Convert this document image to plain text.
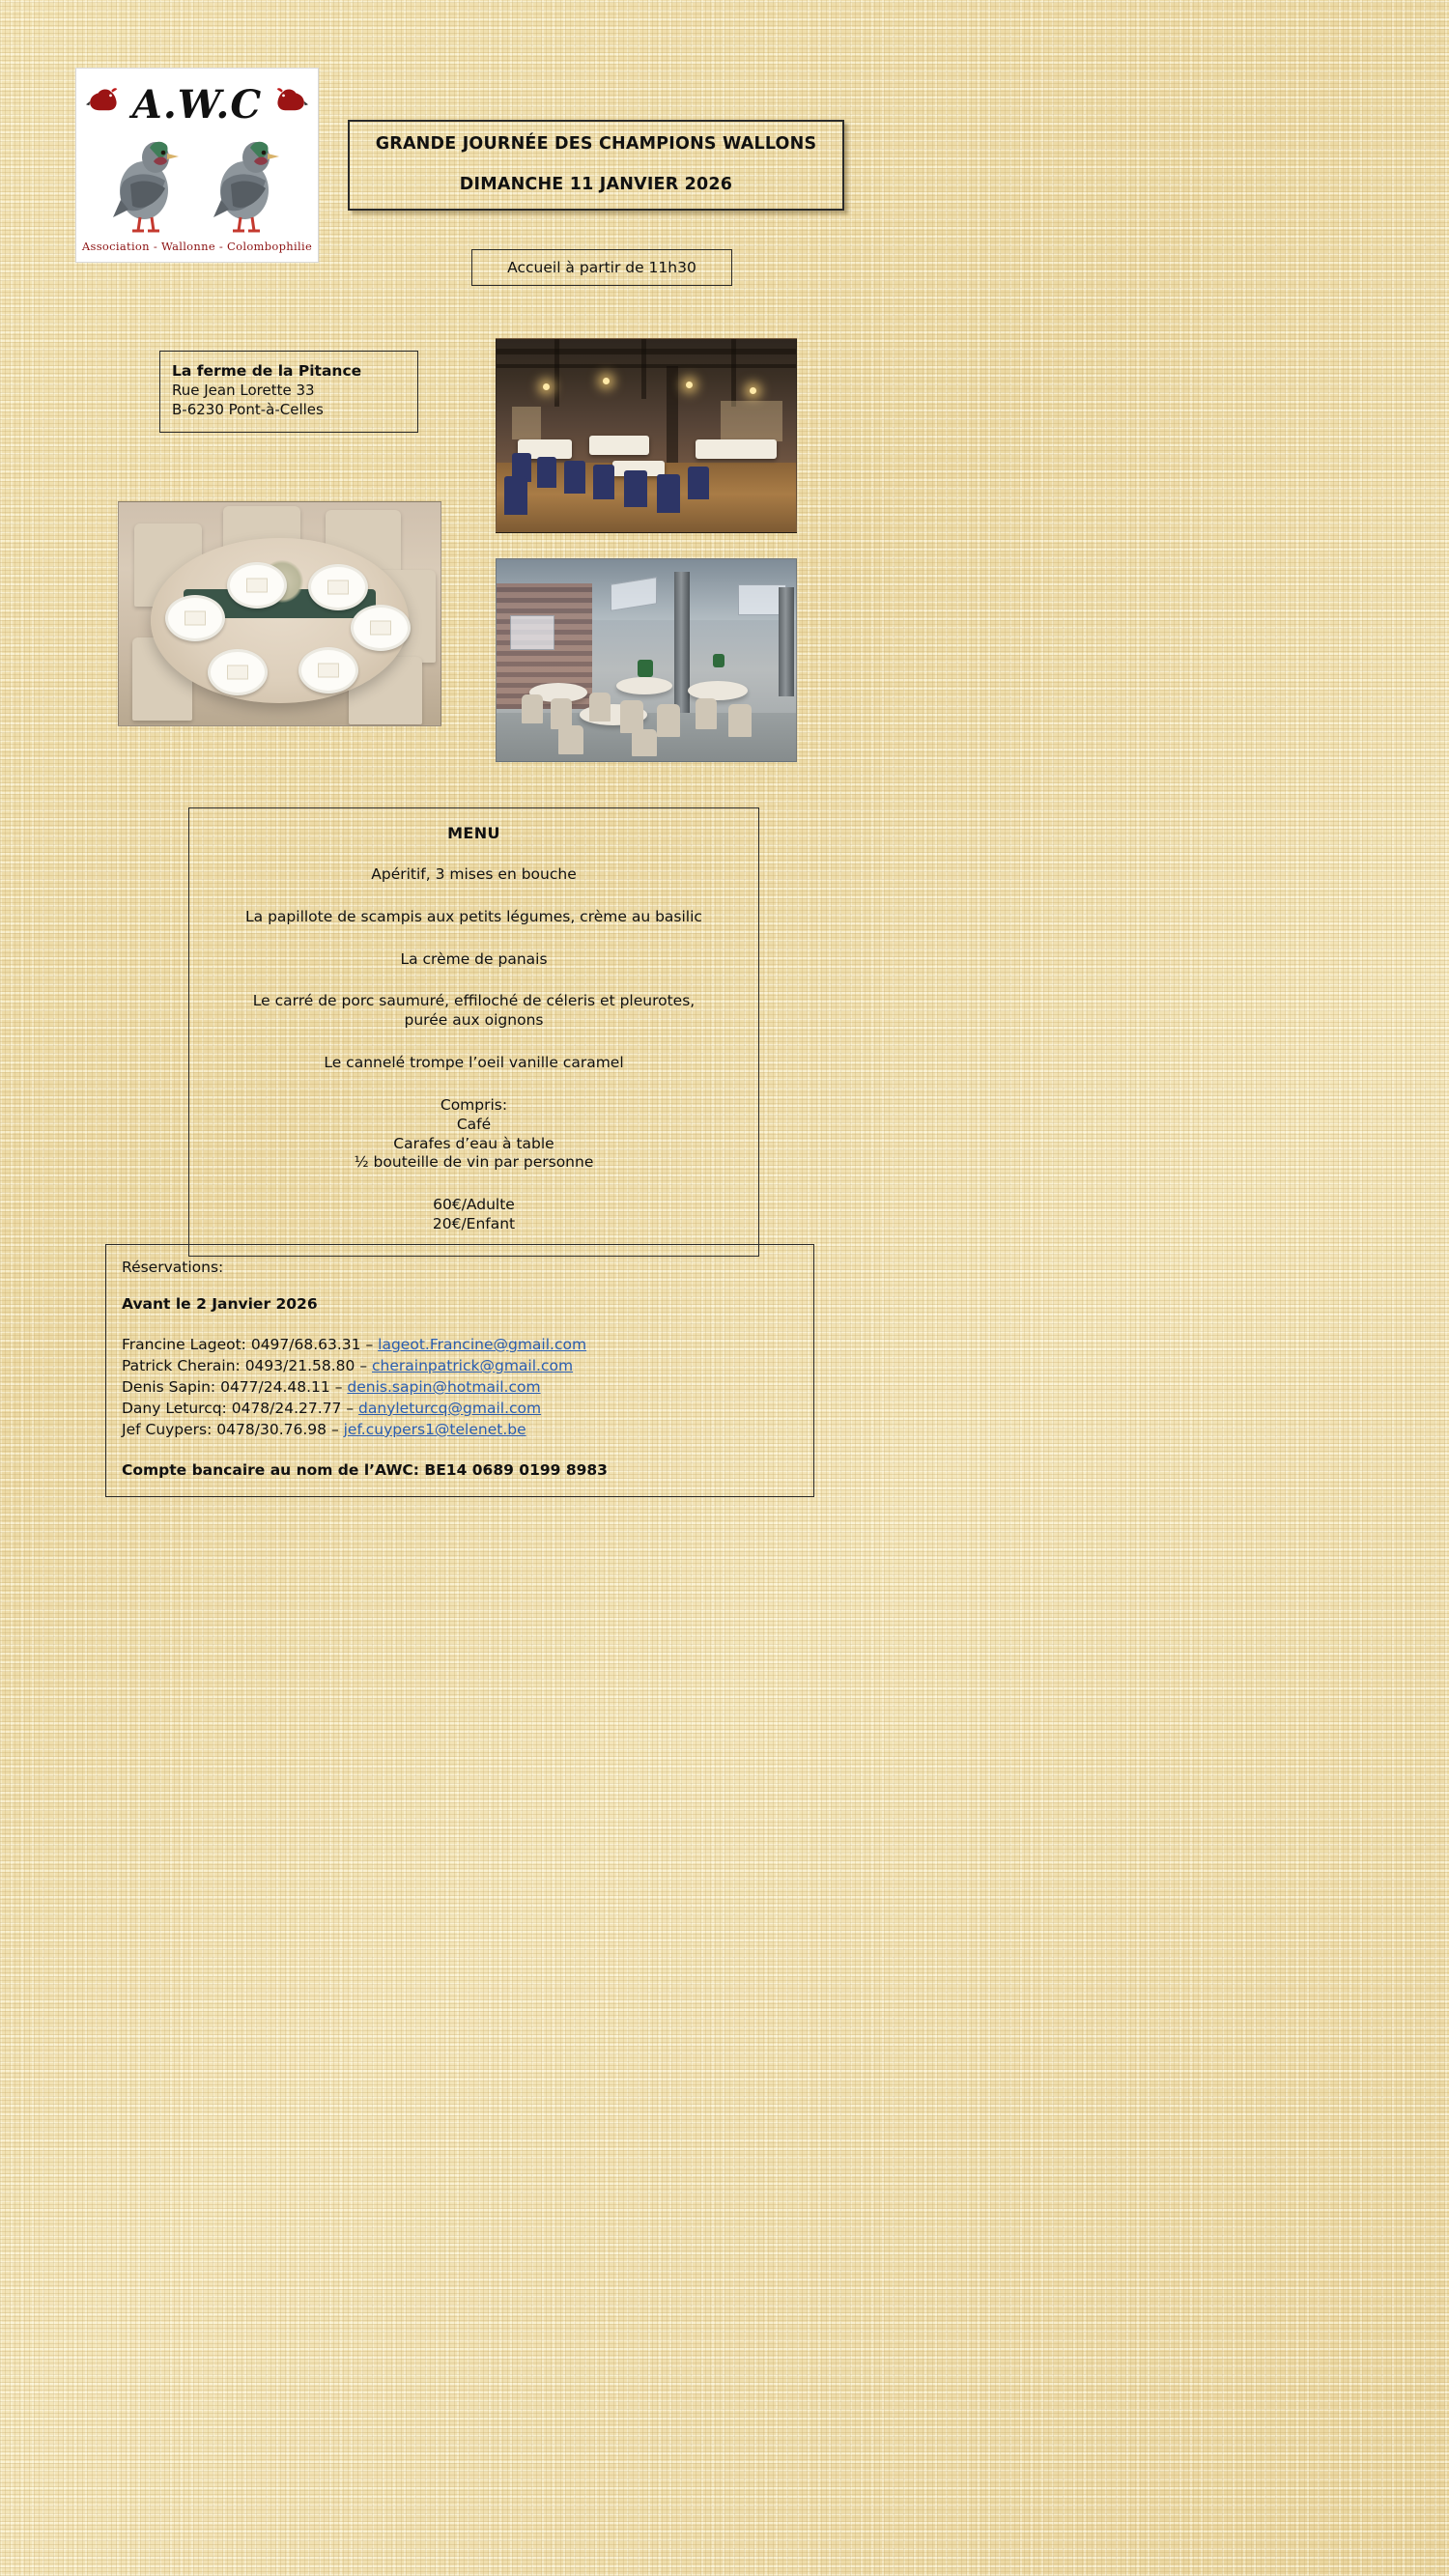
A.W.C
Association - Wallonne - Colombophilie
GRANDE JOURNÉE DES CHAMPIONS WALLONS
DIMANCHE 11 JANVIER 2026
Accueil à partir de 11h30
La ferme de la Pitance
Rue Jean Lorette 33
B-6230 Pont-à-Celles
MENU
Apéritif, 3 mises en bouche
La papillote de scampis aux petits légumes, crème au basilic
La crème de panais
Le carré de porc saumuré, effiloché de céleris et pleurotes,
purée aux oignons
Le cannelé trompe l’oeil vanille caramel
Compris:
Café
Carafes d’eau à table
½ bouteille de vin par personne
60€/Adulte
20€/Enfant
Réservations:
Avant le 2 Janvier 2026
Francine Lageot: 0497/68.63.31 – lageot.Francine@gmail.com
Patrick Cherain: 0493/21.58.80 – cherainpatrick@gmail.com
Denis Sapin: 0477/24.48.11 – denis.sapin@hotmail.com
Dany Leturcq: 0478/24.27.77 – danyleturcq@gmail.com
Jef Cuypers: 0478/30.76.98 – jef.cuypers1@telenet.be
Compte bancaire au nom de l’AWC: BE14 0689 0199 8983
